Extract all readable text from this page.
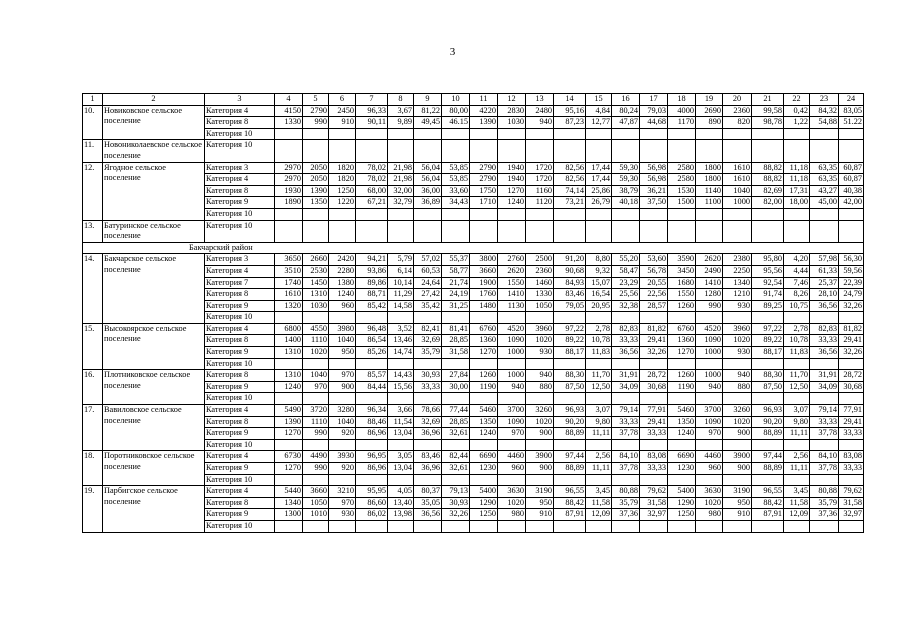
3
1	2	3	4	5	6	7	8	9	10	11	12	13	14	15	16	17	18	19	20	21	22	23	24
10.	Новиковское сельское поселение	Категория 4	4150	2790	2450	96,33	3,67	81,22	80,00	4220	2830	2480	95,16	4,84	80,24	79,03	4000	2690	2360	99,58	0,42	84,32	83,05
		Категория 8	1330	990	910	90,11	9,89	49,45	46.15	1390	1030	940	87,23	12,77	47,87	44,68	1170	890	820	98,78	1,22	54,88	51.22
		Категория 10																					
11.	Новониколаевское сельское поселение	Категория 10																					
12.	Ягодное сельское поселение	Категория 3	2970	2050	1820	78,02	21,98	56,04	53,85	2790	1940	1720	82,56	17,44	59,30	56,98	2580	1800	1610	88,82	11,18	63,35	60,87
		Категория 4	2970	2050	1820	78,02	21,98	56,04	53,85	2790	1940	1720	82,56	17,44	59,30	56,98	2580	1800	1610	88,82	11,18	63,35	60,87
		Категория 8	1930	1390	1250	68,00	32,00	36,00	33,60	1750	1270	1160	74,14	25,86	38,79	36,21	1530	1140	1040	82,69	17,31	43,27	40,38
		Категория 9	1890	1350	1220	67,21	32,79	36,89	34,43	1710	1240	1120	73,21	26,79	40,18	37,50	1500	1100	1000	82,00	18,00	45,00	42,00
		Категория 10																					
13.	Батуринское сельское поселение	Категория 10																					
Бакчарский район																							
14.	Бакчарское сельское поселение	Категория 3	3650	2660	2420	94,21	5,79	57,02	55,37	3800	2760	2500	91,20	8,80	55,20	53,60	3590	2620	2380	95,80	4,20	57,98	56,30
		Категория 4	3510	2530	2280	93,86	6,14	60,53	58,77	3660	2620	2360	90,68	9,32	58,47	56,78	3450	2490	2250	95,56	4,44	61,33	59,56
		Категория 7	1740	1450	1380	89,86	10,14	24,64	21,74	1900	1550	1460	84,93	15,07	23,29	20,55	1680	1410	1340	92,54	7,46	25,37	22,39
		Категория 8	1610	1310	1240	88,71	11,29	27,42	24,19	1760	1410	1330	83,46	16,54	25,56	22,56	1550	1280	1210	91,74	8,26	28,10	24,79
		Категория 9	1320	1030	960	85,42	14,58	35,42	31,25	1480	1130	1050	79,05	20,95	32,38	28,57	1260	990	930	89,25	10,75	36,56	32,26
		Категория 10																					
15.	Высокоярское сельское поселение	Категория 4	6800	4550	3980	96,48	3,52	82,41	81,41	6760	4520	3960	97,22	2,78	82,83	81,82	6760	4520	3960	97,22	2,78	82,83	81,82
		Категория 8	1400	1110	1040	86,54	13,46	32,69	28,85	1360	1090	1020	89,22	10,78	33,33	29,41	1360	1090	1020	89,22	10,78	33,33	29,41
		Категория 9	1310	1020	950	85,26	14,74	35,79	31,58	1270	1000	930	88,17	11,83	36,56	32,26	1270	1000	930	88,17	11,83	36,56	32,26
		Категория 10																					
16.	Плотниковское сельское поселение	Категория 8	1310	1040	970	85,57	14,43	30,93	27,84	1260	1000	940	88,30	11,70	31,91	28,72	1260	1000	940	88,30	11,70	31,91	28,72
		Категория 9	1240	970	900	84,44	15,56	33,33	30,00	1190	940	880	87,50	12,50	34,09	30,68	1190	940	880	87,50	12,50	34,09	30,68
		Категория 10																					
17.	Вавиловское сельское поселение	Категория 4	5490	3720	3280	96,34	3,66	78,66	77,44	5460	3700	3260	96,93	3,07	79,14	77,91	5460	3700	3260	96,93	3,07	79,14	77,91
		Категория 8	1390	1110	1040	88,46	11,54	32,69	28,85	1350	1090	1020	90,20	9,80	33,33	29,41	1350	1090	1020	90,20	9,80	33,33	29,41
		Категория 9	1270	990	920	86,96	13,04	36,96	32,61	1240	970	900	88,89	11,11	37,78	33,33	1240	970	900	88,89	11,11	37,78	33,33
		Категория 10																					
18.	Поротниковское сельское поселение	Категория 4	6730	4490	3930	96,95	3,05	83,46	82,44	6690	4460	3900	97,44	2,56	84,10	83,08	6690	4460	3900	97,44	2,56	84,10	83,08
		Категория 9	1270	990	920	86,96	13,04	36,96	32,61	1230	960	900	88,89	11,11	37,78	33,33	1230	960	900	88,89	11,11	37,78	33,33
		Категория 10																					
19.	Парбигское сельское поселение	Категория 4	5440	3660	3210	95,95	4,05	80,37	79,13	5400	3630	3190	96,55	3,45	80,88	79,62	5400	3630	3190	96,55	3,45	80,88	79,62
		Категория 8	1340	1050	970	86,60	13,40	35,05	30,93	1290	1020	950	88,42	11,58	35,79	31,58	1290	1020	950	88,42	11,58	35,79	31,58
		Категория 9	1300	1010	930	86,02	13,98	36,56	32,26	1250	980	910	87,91	12,09	37,36	32,97	1250	980	910	87,91	12,09	37,36	32,97
		Категория 10																					
